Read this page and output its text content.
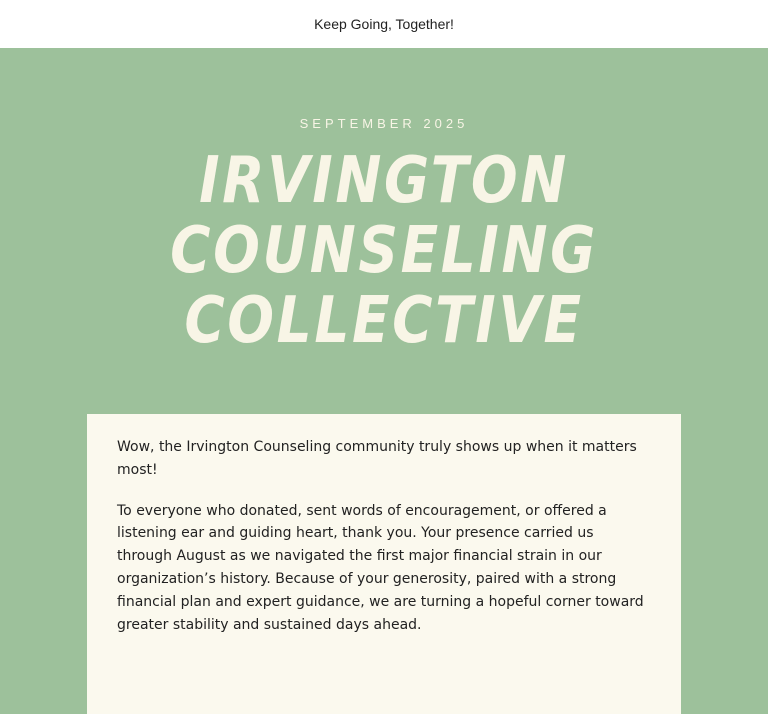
Keep Going, Together!
SEPTEMBER 2025
IRVINGTON
COUNSELING
COLLECTIVE

Wow, the Irvington Counseling community truly shows up when it matters most!

To everyone who donated, sent words of encouragement, or offered a listening ear and guiding heart, thank you. Your presence carried us through August as we navigated the first major financial strain in our organization’s history. Because of your generosity, paired with a strong financial plan and expert guidance, we are turning a hopeful corner toward greater stability and sustained days ahead.
